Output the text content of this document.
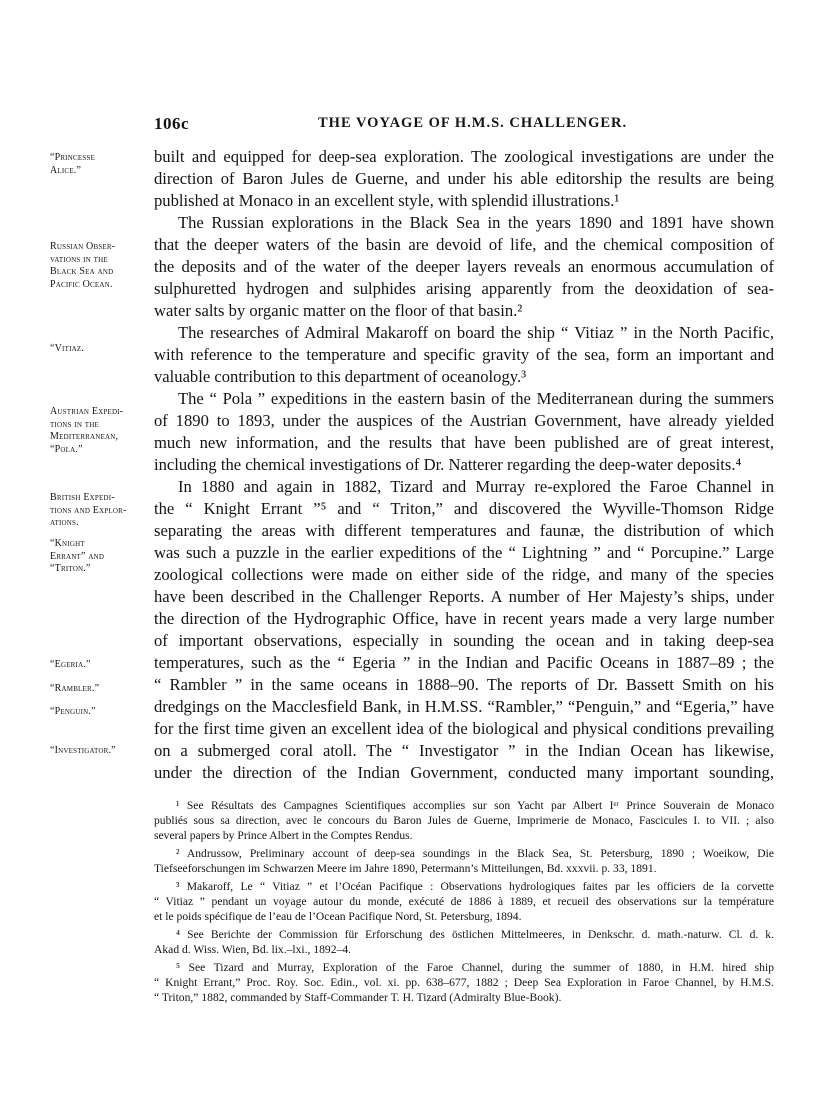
106c	THE VOYAGE OF H.M.S. CHALLENGER.
“Princesse
Alice.”
Russian Obser-
vations in the
Black Sea and
Pacific Ocean.
“Vitiaz.
Austrian Expedi-
tions in the
Mediterranean,
“Pola.”
British Expedi-
tions and Explor-
ations.
“Knight
Errant” and
“Triton.”
“Egeria.”
“Rambler.”
“Penguin.”
“Investigator.”
built and equipped for deep-sea exploration. The zoological investigations are under the
direction of Baron Jules de Guerne, and under his able editorship the results are being
published at Monaco in an excellent style, with splendid illustrations.¹
The Russian explorations in the Black Sea in the years 1890 and 1891 have shown
that the deeper waters of the basin are devoid of life, and the chemical composition of
the deposits and of the water of the deeper layers reveals an enormous accumulation of
sulphuretted hydrogen and sulphides arising apparently from the deoxidation of sea-
water salts by organic matter on the floor of that basin.²
The researches of Admiral Makaroff on board the ship “ Vitiaz ” in the North Pacific,
with reference to the temperature and specific gravity of the sea, form an important and
valuable contribution to this department of oceanology.³
The “ Pola ” expeditions in the eastern basin of the Mediterranean during the summers
of 1890 to 1893, under the auspices of the Austrian Government, have already yielded
much new information, and the results that have been published are of great interest,
including the chemical investigations of Dr. Natterer regarding the deep-water deposits.⁴
In 1880 and again in 1882, Tizard and Murray re-explored the Faroe Channel in
the “ Knight Errant ”⁵ and “ Triton,” and discovered the Wyville-Thomson Ridge
separating the areas with different temperatures and faunæ, the distribution of which
was such a puzzle in the earlier expeditions of the “ Lightning ” and “ Porcupine.” Large
zoological collections were made on either side of the ridge, and many of the species
have been described in the Challenger Reports. A number of Her Majesty’s ships, under
the direction of the Hydrographic Office, have in recent years made a very large number
of important observations, especially in sounding the ocean and in taking deep-sea
temperatures, such as the “ Egeria ” in the Indian and Pacific Oceans in 1887–89 ; the
“ Rambler ” in the same oceans in 1888–90. The reports of Dr. Bassett Smith on his
dredgings on the Macclesfield Bank, in H.M.SS. “Rambler,” “Penguin,” and “Egeria,” have
for the first time given an excellent idea of the biological and physical conditions prevailing
on a submerged coral atoll. The “ Investigator ” in the Indian Ocean has likewise,
under the direction of the Indian Government, conducted many important sounding,
¹ See Résultats des Campagnes Scientifiques accomplies sur son Yacht par Albert Iᵉʳ Prince Souverain de Monaco
publiés sous sa direction, avec le concours du Baron Jules de Guerne, Imprimerie de Monaco, Fascicules I. to VII. ; also
several papers by Prince Albert in the Comptes Rendus.
² Andrussow, Preliminary account of deep-sea soundings in the Black Sea, St. Petersburg, 1890 ; Woeikow, Die
Tiefseeforschungen im Schwarzen Meere im Jahre 1890, Petermann’s Mitteilungen, Bd. xxxvii. p. 33, 1891.
³ Makaroff, Le “ Vitiaz ” et l’Océan Pacifique : Observations hydrologiques faites par les officiers de la corvette
“ Vitiaz ” pendant un voyage autour du monde, exécuté de 1886 à 1889, et recueil des observations sur la température
et le poids spécifique de l’eau de l’Ocean Pacifique Nord, St. Petersburg, 1894.
⁴ See Berichte der Commission für Erforschung des östlichen Mittelmeeres, in Denkschr. d. math.-naturw. Cl. d. k.
Akad d. Wiss. Wien, Bd. lix.–lxi., 1892–4.
⁵ See Tizard and Murray, Exploration of the Faroe Channel, during the summer of 1880, in H.M. hired ship
“ Knight Errant,” Proc. Roy. Soc. Edin., vol. xi. pp. 638–677, 1882 ; Deep Sea Exploration in Faroe Channel, by H.M.S.
“ Triton,” 1882, commanded by Staff-Commander T. H. Tizard (Admiralty Blue-Book).
